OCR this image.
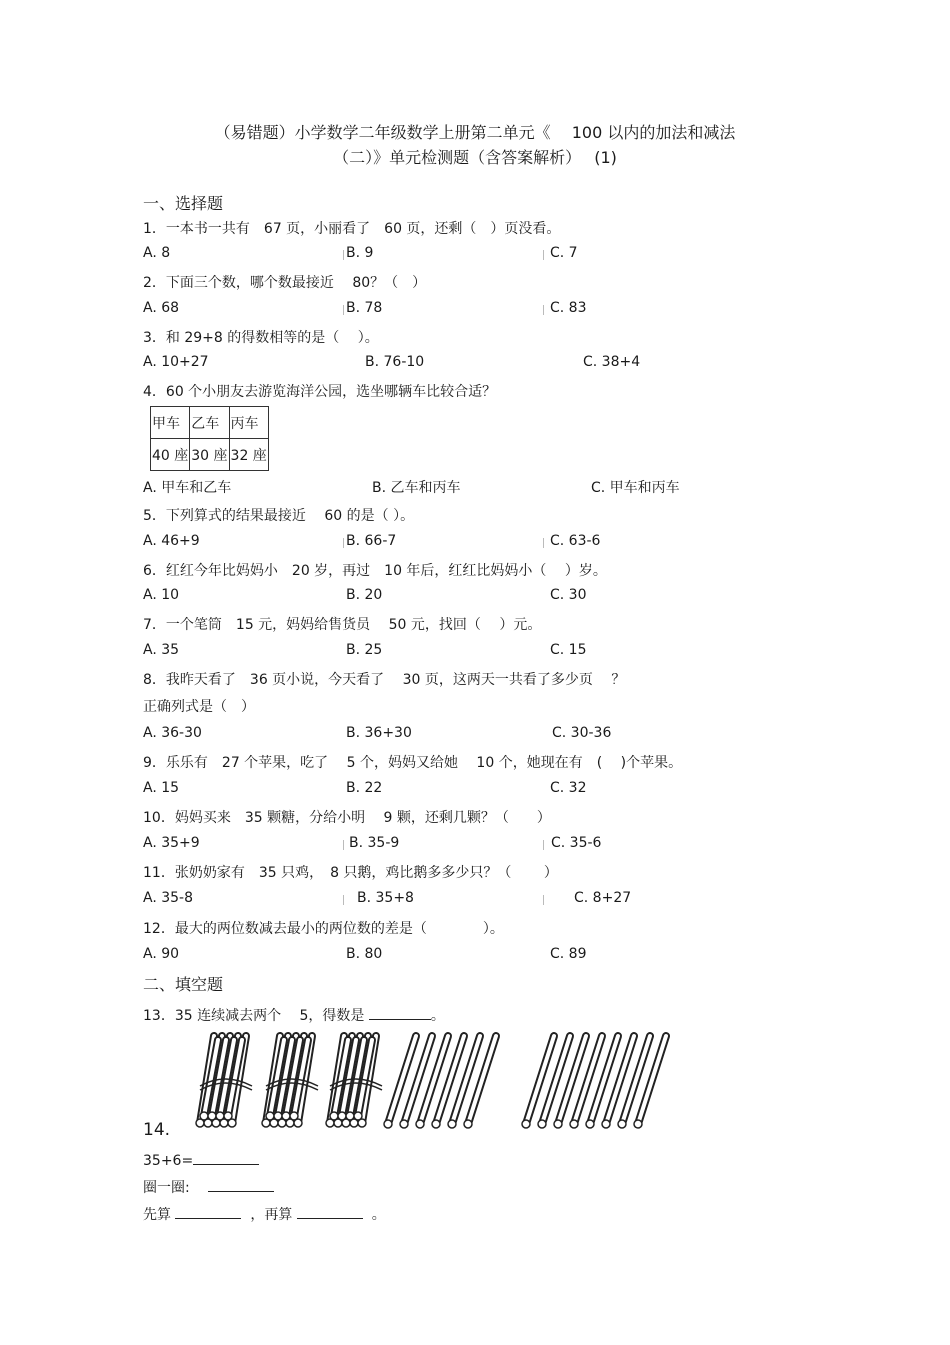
（易错题）小学数学二年级数学上册第二单元《　 100 以内的加法和减法
（二）》单元检测题（含答案解析）　 (1)
一、选择题
1．一本书一共有　67 页，小丽看了　60 页，还剩（　）页没看。
A. 8	B. 9	C. 7
2．下面三个数，哪个数最接近　 80？（　）
A. 68	B. 78	C. 83
3．和 29+8 的得数相等的是（　 ）。
A. 10+27	B. 76-10	C. 38+4
4．60 个小朋友去游览海洋公园，选坐哪辆车比较合适？
甲车	乙车	丙车
40 座	30 座	32 座
A. 甲车和乙车	B. 乙车和丙车	C. 甲车和丙车
5．下列算式的结果最接近　 60 的是（ ）。
A. 46+9	B. 66-7	C. 63-6
6．红红今年比妈妈小　20 岁，再过　10 年后，红红比妈妈小（　 ）岁。
A. 10	B. 20	C. 30
7．一个笔筒　15 元，妈妈给售货员　 50 元，找回（　 ）元。
A. 35	B. 25	C. 15
8．我昨天看了　36 页小说，今天看了　 30 页，这两天一共看了多少页　 ？
正确列式是（　）
A. 36-30	B. 36+30	C. 30-36
9．乐乐有　27 个苹果，吃了　 5 个，妈妈又给她　 10 个，她现在有　( 　)个苹果。
A. 15	B. 22	C. 32
10．妈妈买来　35 颗糖，分给小明　 9 颗，还剩几颗？（　　）
A. 35+9	B. 35-9	C. 35-6
11．张奶奶家有　35 只鸡，　8 只鹅，鸡比鹅多多少只？（　　 ）
A. 35-8	B. 35+8	C. 8+27
12．最大的两位数减去最小的两位数的差是（　　　　）。
A. 90	B. 80	C. 89
二、填空题
13．35 连续减去两个　 5，得数是	。
14.
35+6=
圈一圈:
先算	，再算	。
